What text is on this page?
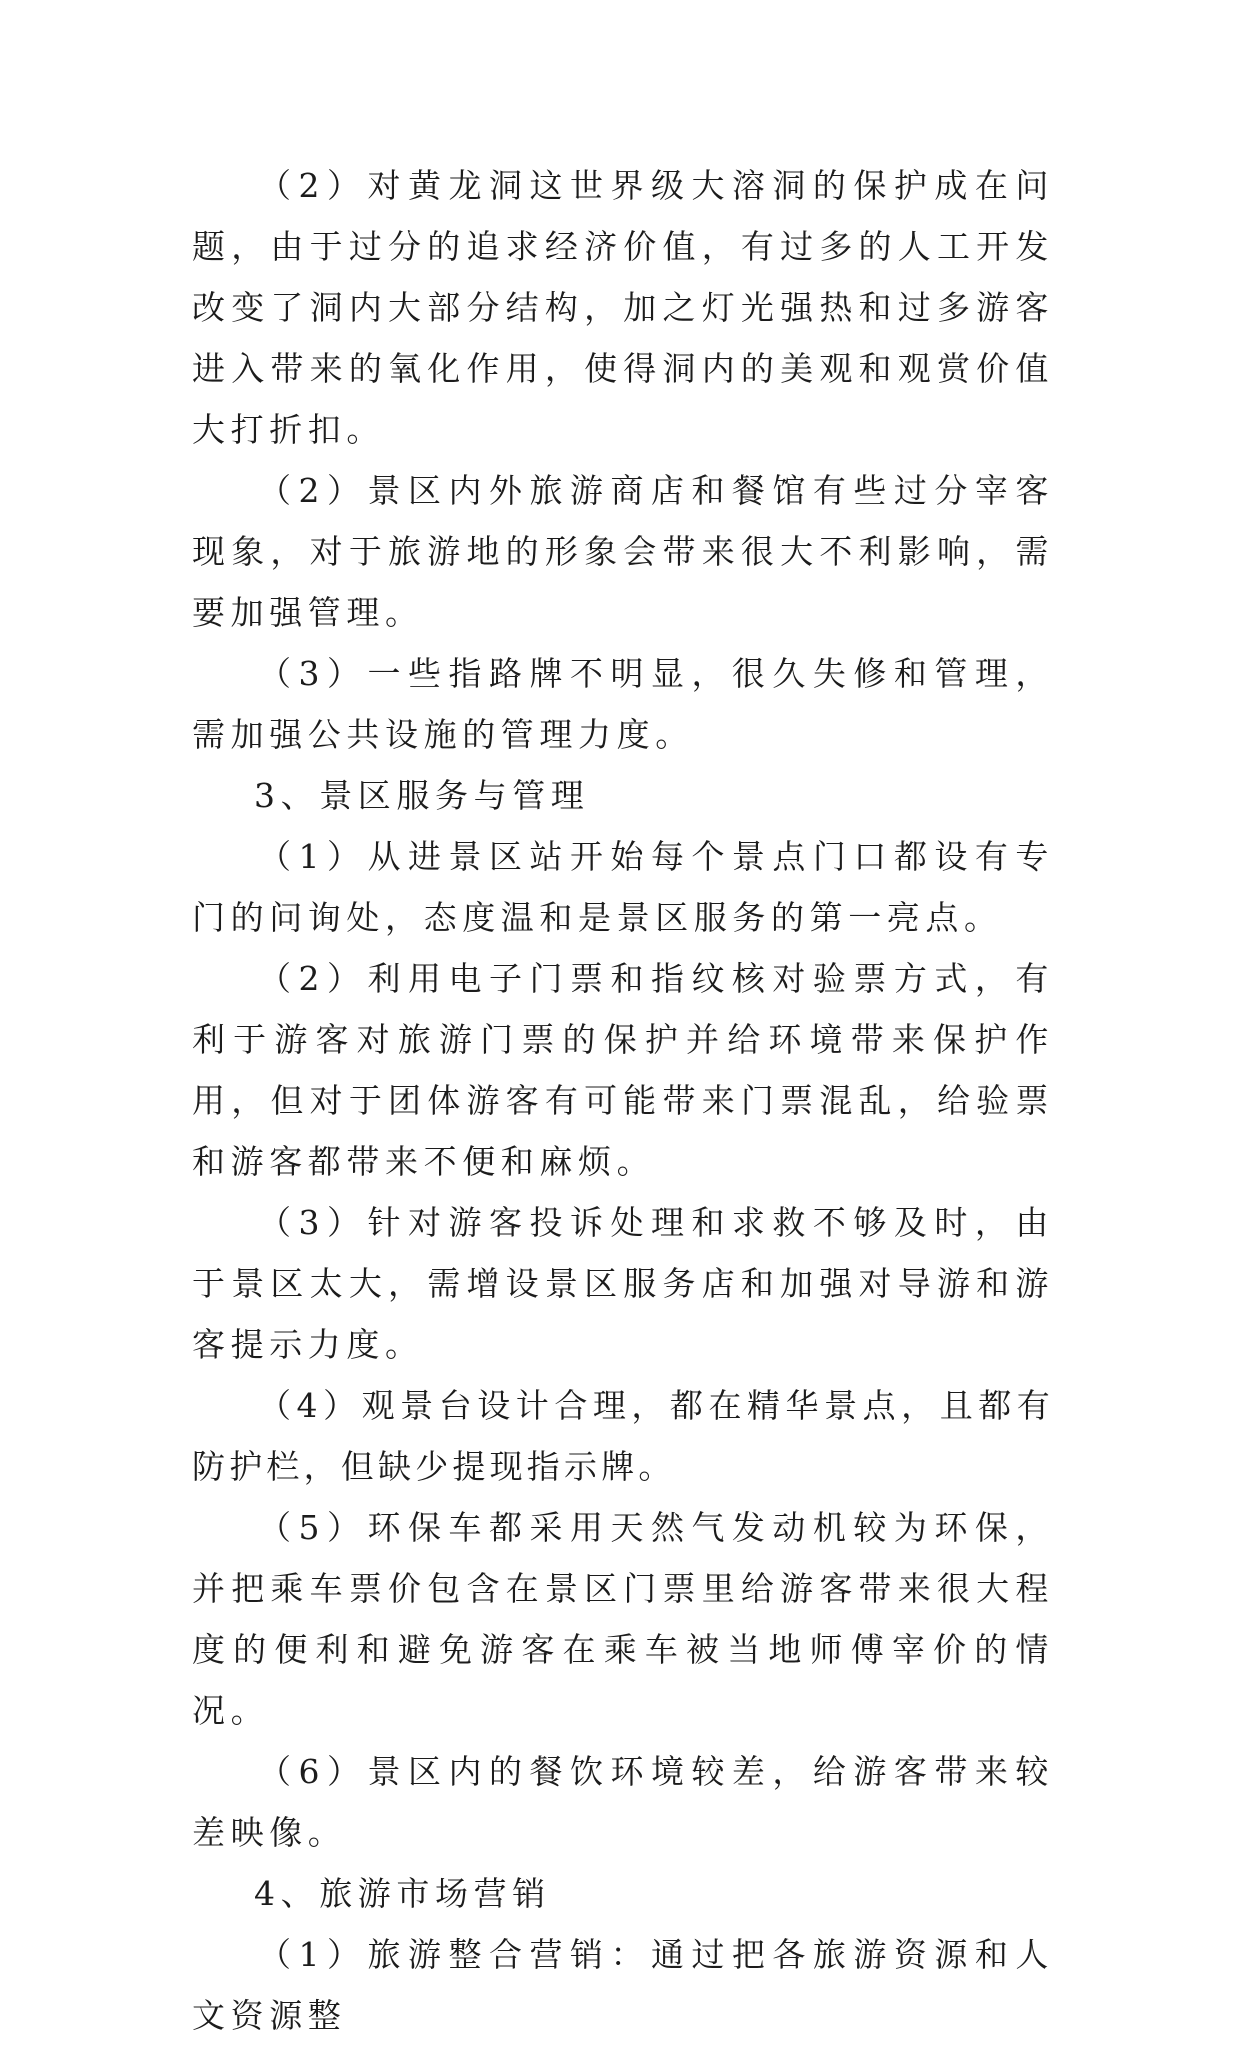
（2）对黄龙洞这世界级大溶洞的保护成在问题，由于过分的追求经济价值，有过多的人工开发改变了洞内大部分结构，加之灯光强热和过多游客进入带来的氧化作用，使得洞内的美观和观赏价值大打折扣。

（2）景区内外旅游商店和餐馆有些过分宰客现象，对于旅游地的形象会带来很大不利影响，需要加强管理。

（3）一些指路牌不明显，很久失修和管理，需加强公共设施的管理力度。

3、景区服务与管理

（1）从进景区站开始每个景点门口都设有专门的问询处，态度温和是景区服务的第一亮点。

（2）利用电子门票和指纹核对验票方式，有利于游客对旅游门票的保护并给环境带来保护作用，但对于团体游客有可能带来门票混乱，给验票和游客都带来不便和麻烦。

（3）针对游客投诉处理和求救不够及时，由于景区太大，需增设景区服务店和加强对导游和游客提示力度。

（4）观景台设计合理，都在精华景点，且都有防护栏，但缺少提现指示牌。

（5）环保车都采用天然气发动机较为环保，并把乘车票价包含在景区门票里给游客带来很大程度的便利和避免游客在乘车被当地师傅宰价的情况。

（6）景区内的餐饮环境较差，给游客带来较差映像。

4、旅游市场营销

（1）旅游整合营销：通过把各旅游资源和人文资源整
